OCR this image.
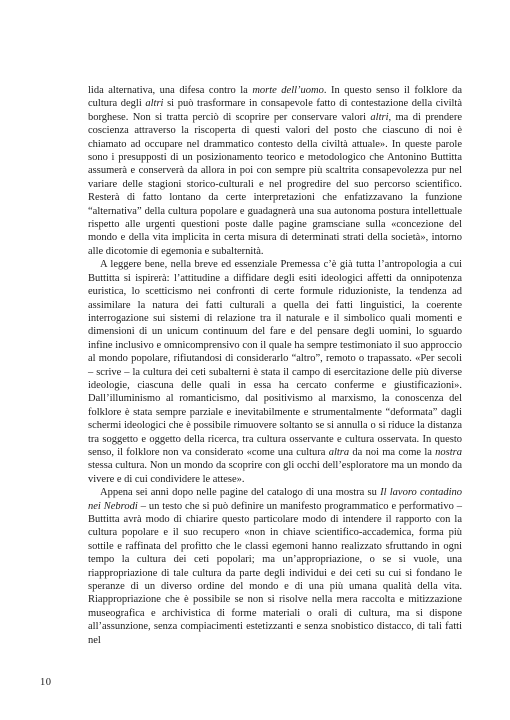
lida alternativa, una difesa contro la morte dell’uomo. In questo senso il folklore da cultura degli altri si può trasformare in consapevole fatto di contestazione della civiltà borghese. Non si tratta perciò di scoprire per conservare valori altri, ma di prendere coscienza attraverso la riscoperta di questi valori del posto che ciascuno di noi è chiamato ad occupare nel drammatico contesto della civiltà attuale». In queste parole sono i presupposti di un posizionamento teorico e metodologico che Antonino Buttitta assumerà e conserverà da allora in poi con sempre più scaltrita consapevolezza pur nel variare delle stagioni storico-culturali e nel progredire del suo percorso scientifico. Resterà di fatto lontano da certe interpretazioni che enfatizzavano la funzione “alternativa” della cultura popolare e guadagnerà una sua autonoma postura intellettuale rispetto alle urgenti questioni poste dalle pagine gramsciane sulla «concezione del mondo e della vita implicita in certa misura di determinati strati della società», intorno alle dicotomie di egemonia e subalternità.

A leggere bene, nella breve ed essenziale Premessa c’è già tutta l’antropologia a cui Buttitta si ispirerà: l’attitudine a diffidare degli esiti ideologici affetti da onnipotenza euristica, lo scetticismo nei confronti di certe formule riduzioniste, la tendenza ad assimilare la natura dei fatti culturali a quella dei fatti linguistici, la coerente interrogazione sui sistemi di relazione tra il naturale e il simbolico quali momenti e dimensioni di un unicum continuum del fare e del pensare degli uomini, lo sguardo infine inclusivo e omnicomprensivo con il quale ha sempre testimoniato il suo approccio al mondo popolare, rifiutandosi di considerarlo “altro”, remoto o trapassato. «Per secoli – scrive – la cultura dei ceti subalterni è stata il campo di esercitazione delle più diverse ideologie, ciascuna delle quali in essa ha cercato conferme e giustificazioni». Dall’illuminismo al romanticismo, dal positivismo al marxismo, la conoscenza del folklore è stata sempre parziale e inevitabilmente e strumentalmente “deformata” dagli schermi ideologici che è possibile rimuovere soltanto se si annulla o si riduce la distanza tra soggetto e oggetto della ricerca, tra cultura osservante e cultura osservata. In questo senso, il folklore non va considerato «come una cultura altra da noi ma come la nostra stessa cultura. Non un mondo da scoprire con gli occhi dell’esploratore ma un mondo da vivere e di cui condividere le attese».

Appena sei anni dopo nelle pagine del catalogo di una mostra su Il lavoro contadino nei Nebrodi – un testo che si può definire un manifesto programmatico e performativo – Buttitta avrà modo di chiarire questo particolare modo di intendere il rapporto con la cultura popolare e il suo recupero «non in chiave scientifico-accademica, forma più sottile e raffinata del profitto che le classi egemoni hanno realizzato sfruttando in ogni tempo la cultura dei ceti popolari; ma un’appropriazione, o se si vuole, una riappropriazione di tale cultura da parte degli individui e dei ceti su cui si fondano le speranze di un diverso ordine del mondo e di una più umana qualità della vita. Riappropriazione che è possibile se non si risolve nella mera raccolta e mitizzazione museografica e archivistica di forme materiali o orali di cultura, ma si dispone all’assunzione, senza compiacimenti estetizzanti e senza snobistico distacco, di tali fatti nel

10
